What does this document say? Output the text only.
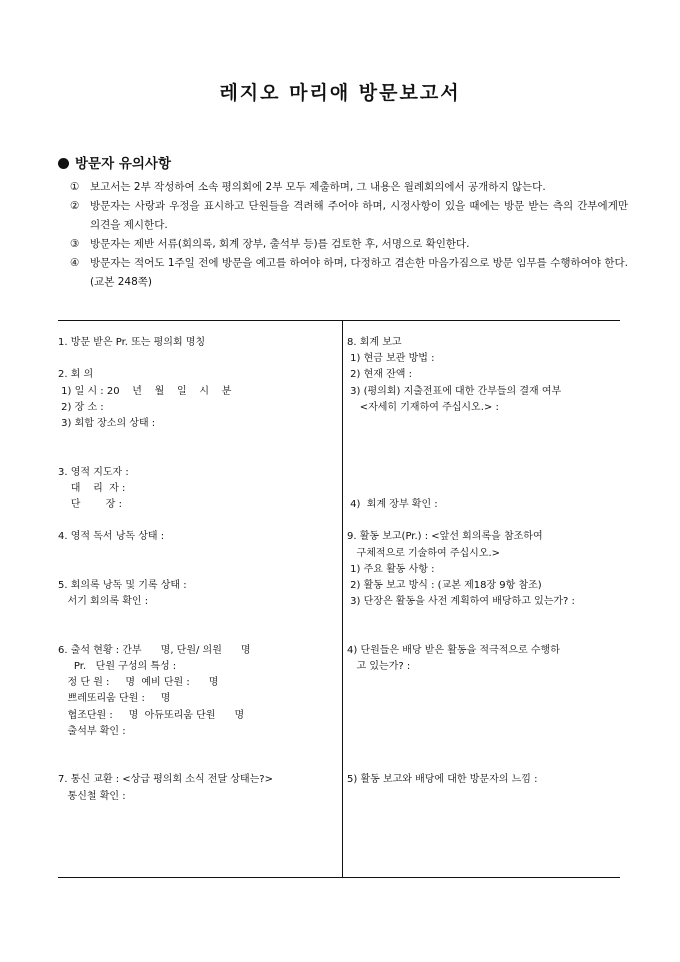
레지오 마리애 방문보고서
방문자 유의사항
① 보고서는 2부 작성하여 소속 평의회에 2부 모두 제출하며, 그 내용은 월례회의에서 공개하지 않는다.
② 방문자는 사랑과 우정을 표시하고 단원들을 격려해 주어야 하며, 시정사항이 있을 때에는 방문 받는 측의 간부에게만 의견을 제시한다.
③ 방문자는 제반 서류(회의록, 회계 장부, 출석부 등)를 검토한 후, 서명으로 확인한다.
④ 방문자는 적어도 1주일 전에 방문을 예고를 하여야 하며, 다정하고 겸손한 마음가짐으로 방문 임무를 수행하여야 한다.(교본 248쪽)
1. 방문 받은 Pr. 또는 평의회 명칭
2. 회 의
1) 일 시 : 20    년    월    일    시    분
2) 장 소 :
3) 회합 장소의 상태 :
3. 영적 지도자 :
대    리  자 :
단        장 :
4. 영적 독서 낭독 상태 :
5. 회의록 낭독 및 기록 상태 :
서기 회의록 확인 :
6. 출석 현황 : 간부      명, 단원/ 의원      명
Pr.   단원 구성의 특성 :
정 단 원 :     명  예비 단원 :      명
쁘레또리움 단원 :     명
협조단원 :     명  아듀또리움 단원      명
출석부 확인 :
7. 통신 교환 : <상급 평의회 소식 전달 상태는?>
통신철 확인 :
8. 회계 보고
1) 현금 보관 방법 :
2) 현재 잔액 :
3) (평의회) 지출전표에 대한 간부들의 결재 여부
<자세히 기재하여 주십시오.> :
4)  회계 장부 확인 :
9. 활동 보고(Pr.) : <앞선 회의록을 참조하여
구체적으로 기술하여 주십시오.>
1) 주요 활동 사항 :
2) 활동 보고 방식 : (교본 제18장 9항 참조)
3) 단장은 활동을 사전 계획하여 배당하고 있는가? :
4) 단원들은 배당 받은 활동을 적극적으로 수행하
고 있는가? :
5) 활동 보고와 배당에 대한 방문자의 느낌 :
